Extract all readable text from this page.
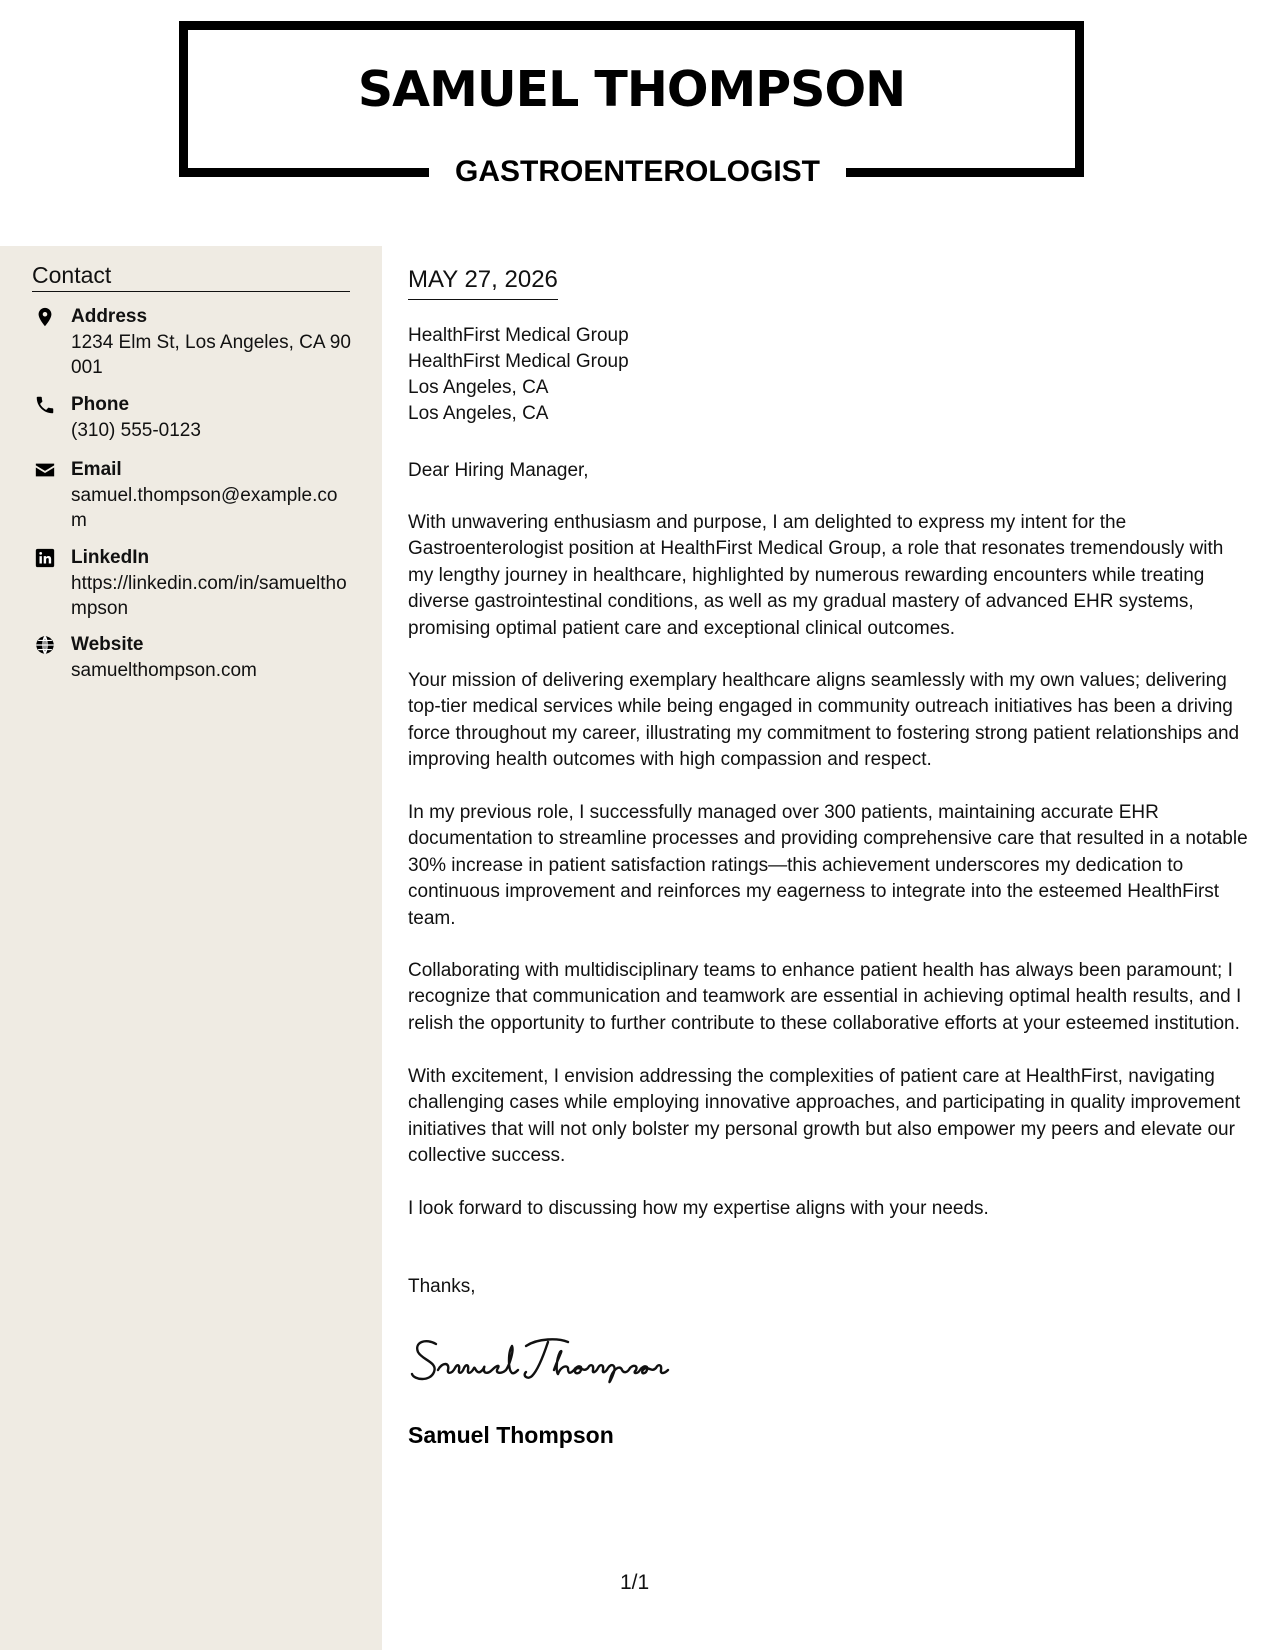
SAMUEL THOMPSON
GASTROENTEROLOGIST
Contact
Address
1234 Elm St, Los Angeles, CA 90001
Phone
(310) 555-0123
Email
samuel.thompson@example.com
LinkedIn
https://linkedin.com/in/samuelthompson
Website
samuelthompson.com
MAY 27, 2026
HealthFirst Medical Group
HealthFirst Medical Group
Los Angeles, CA
Los Angeles, CA

Dear Hiring Manager,

With unwavering enthusiasm and purpose, I am delighted to express my intent for the Gastroenterologist position at HealthFirst Medical Group, a role that resonates tremendously with my lengthy journey in healthcare, highlighted by numerous rewarding encounters while treating diverse gastrointestinal conditions, as well as my gradual mastery of advanced EHR systems, promising optimal patient care and exceptional clinical outcomes.

Your mission of delivering exemplary healthcare aligns seamlessly with my own values; delivering top-tier medical services while being engaged in community outreach initiatives has been a driving force throughout my career, illustrating my commitment to fostering strong patient relationships and improving health outcomes with high compassion and respect.

In my previous role, I successfully managed over 300 patients, maintaining accurate EHR documentation to streamline processes and providing comprehensive care that resulted in a notable 30% increase in patient satisfaction ratings—this achievement underscores my dedication to continuous improvement and reinforces my eagerness to integrate into the esteemed HealthFirst team.

Collaborating with multidisciplinary teams to enhance patient health has always been paramount; I recognize that communication and teamwork are essential in achieving optimal health results, and I relish the opportunity to further contribute to these collaborative efforts at your esteemed institution.

With excitement, I envision addressing the complexities of patient care at HealthFirst, navigating challenging cases while employing innovative approaches, and participating in quality improvement initiatives that will not only bolster my personal growth but also empower my peers and elevate our collective success.

I look forward to discussing how my expertise aligns with your needs.

Thanks,

Samuel Thompson
1/1
